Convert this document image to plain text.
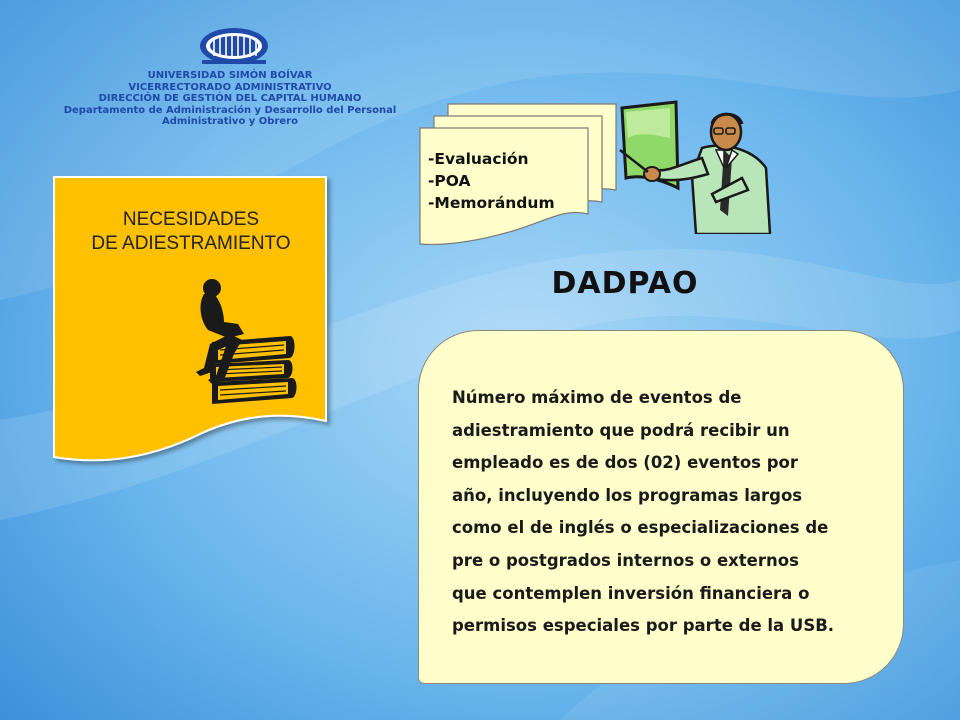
UNIVERSIDAD SIMÓN BOÍVAR
VICERRECTORADO ADMINISTRATIVO
DIRECCIÓN DE GESTIÓN DEL CAPITAL HUMANO
Departamento de Administración y Desarrollo del Personal
Administrativo y Obrero
NECESIDADES
DE ADIESTRAMIENTO
-Evaluación
-POA
-Memorándum
DADPAO
Número máximo de eventos de
adiestramiento que podrá recibir un
empleado es de dos (02) eventos por
año, incluyendo los programas largos
como el de inglés o especializaciones de
pre o postgrados internos o externos
que contemplen inversión financiera o
permisos especiales por parte de la USB.
